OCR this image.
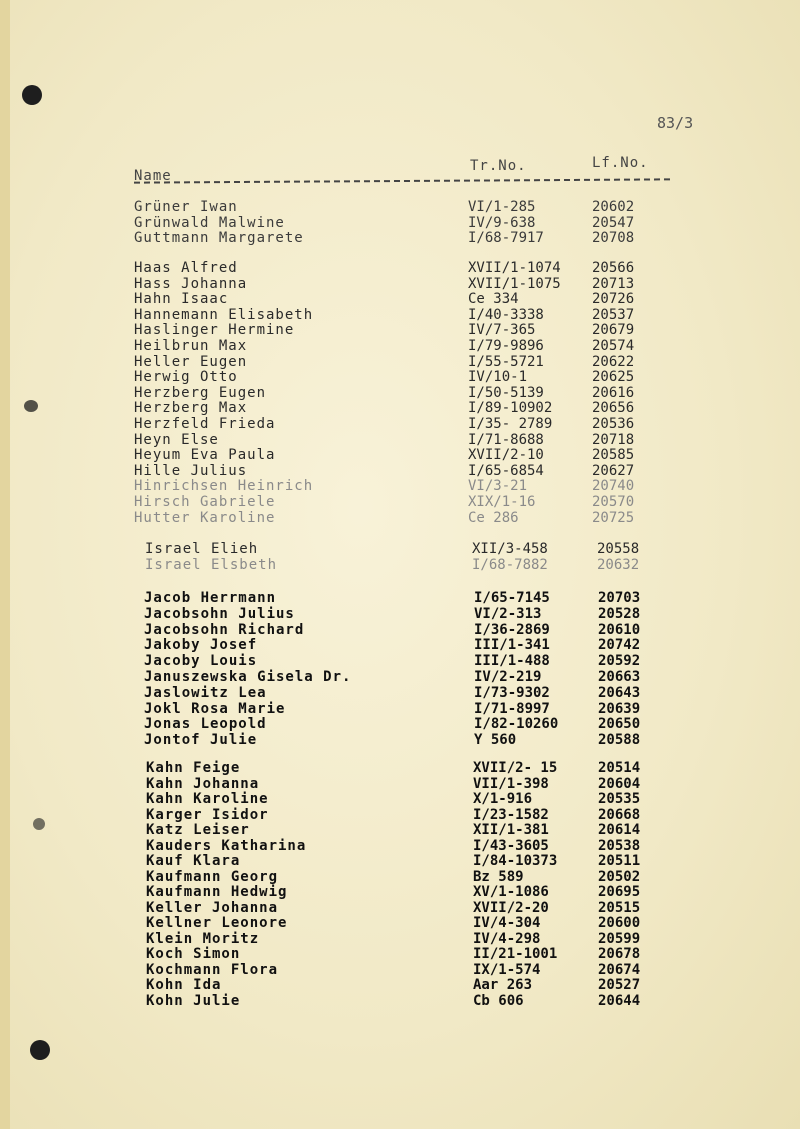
83/3
Name
Tr.No.	Lf.No.
Grüner Iwan	VI/1-285	20602
Grünwald Malwine	IV/9-638	20547
Guttmann Margarete	I/68-7917	20708
Haas Alfred	XVII/1-1074 20566
Hass Johanna	XVII/1-1075 20713
Hahn Isaac	Ce 334	20726
Hannemann Elisabeth	I/40-3338	20537
Haslinger Hermine	IV/7-365	20679
Heilbrun Max	I/79-9896	20574
Heller Eugen	I/55-5721	20622
Herwig Otto	IV/10-1	20625
Herzberg Eugen	I/50-5139	20616
Herzberg Max	I/89-10902	20656
Herzfeld Frieda	I/35- 2789	20536
Heyn Else	I/71-8688	20718
Heyum Eva Paula	XVII/2-10	20585
Hille Julius	I/65-6854	20627
Hinrichsen Heinrich	VI/3-21	20740
Hirsch Gabriele	XIX/1-16	20570
Hutter Karoline	Ce 286	20725
Israel Elieh	XII/3-458	20558
Israel Elsbeth	I/68-7882	20632
Jacob Herrmann	I/65-7145	20703
Jacobsohn Julius	VI/2-313	20528
Jacobsohn Richard	I/36-2869	20610
Jakoby Josef	III/1-341	20742
Jacoby Louis	III/1-488	20592
Januszewska Gisela Dr.	IV/2-219	20663
Jaslowitz Lea	I/73-9302	20643
Jokl Rosa Marie	I/71-8997	20639
Jonas Leopold	I/82-10260	20650
Jontof Julie	Y 560	20588
Kahn Feige	XVII/2- 15	20514
Kahn Johanna	VII/1-398	20604
Kahn Karoline	X/1-916	20535
Karger Isidor	I/23-1582	20668
Katz Leiser	XII/1-381	20614
Kauders Katharina	I/43-3605	20538
Kauf Klara	I/84-10373	20511
Kaufmann Georg	Bz 589	20502
Kaufmann Hedwig	XV/1-1086	20695
Keller Johanna	XVII/2-20	20515
Kellner Leonore	IV/4-304	20600
Klein Moritz	IV/4-298	20599
Koch Simon	II/21-1001	20678
Kochmann Flora	IX/1-574	20674
Kohn Ida	Aar 263	20527
Kohn Julie	Cb 606	20644
